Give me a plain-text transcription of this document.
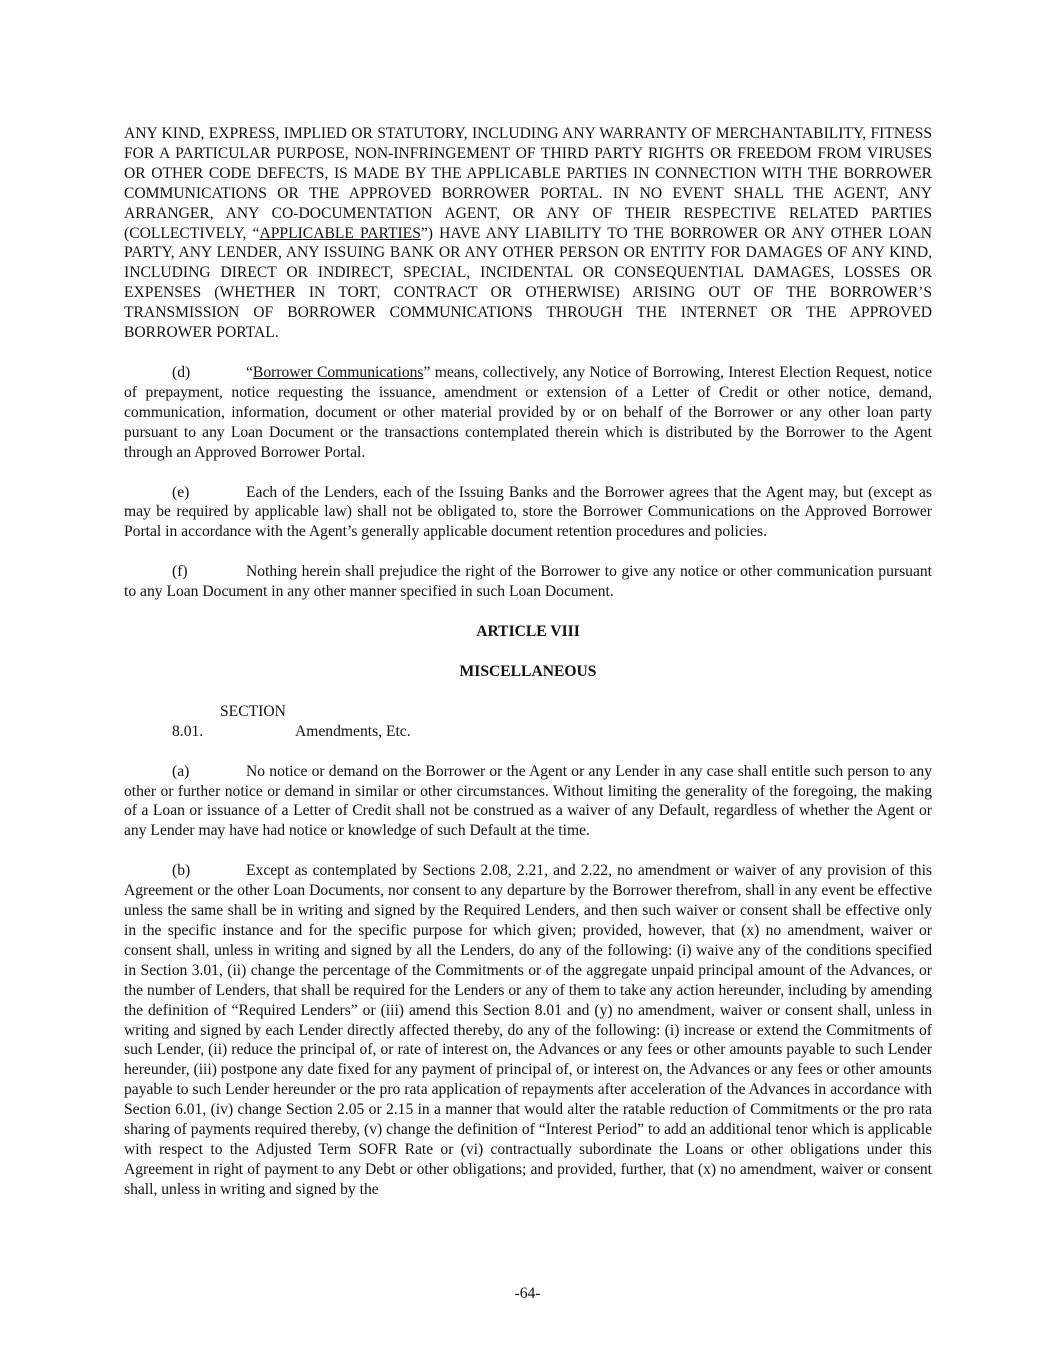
ANY KIND, EXPRESS, IMPLIED OR STATUTORY, INCLUDING ANY WARRANTY OF MERCHANTABILITY, FITNESS FOR A PARTICULAR PURPOSE, NON-INFRINGEMENT OF THIRD PARTY RIGHTS OR FREEDOM FROM VIRUSES OR OTHER CODE DEFECTS, IS MADE BY THE APPLICABLE PARTIES IN CONNECTION WITH THE BORROWER COMMUNICATIONS OR THE APPROVED BORROWER PORTAL. IN NO EVENT SHALL THE AGENT, ANY ARRANGER, ANY CO-DOCUMENTATION AGENT, OR ANY OF THEIR RESPECTIVE RELATED PARTIES (COLLECTIVELY, “APPLICABLE PARTIES”) HAVE ANY LIABILITY TO THE BORROWER OR ANY OTHER LOAN PARTY, ANY LENDER, ANY ISSUING BANK OR ANY OTHER PERSON OR ENTITY FOR DAMAGES OF ANY KIND, INCLUDING DIRECT OR INDIRECT, SPECIAL, INCIDENTAL OR CONSEQUENTIAL DAMAGES, LOSSES OR EXPENSES (WHETHER IN TORT, CONTRACT OR OTHERWISE) ARISING OUT OF THE BORROWER’S TRANSMISSION OF BORROWER COMMUNICATIONS THROUGH THE INTERNET OR THE APPROVED BORROWER PORTAL.

(d)	“Borrower Communications” means, collectively, any Notice of Borrowing, Interest Election Request, notice of prepayment, notice requesting the issuance, amendment or extension of a Letter of Credit or other notice, demand, communication, information, document or other material provided by or on behalf of the Borrower or any other loan party pursuant to any Loan Document or the transactions contemplated therein which is distributed by the Borrower to the Agent through an Approved Borrower Portal.

(e)	Each of the Lenders, each of the Issuing Banks and the Borrower agrees that the Agent may, but (except as may be required by applicable law) shall not be obligated to, store the Borrower Communications on the Approved Borrower Portal in accordance with the Agent’s generally applicable document retention procedures and policies.

(f)	Nothing herein shall prejudice the right of the Borrower to give any notice or other communication pursuant to any Loan Document in any other manner specified in such Loan Document.

ARTICLE VIII
MISCELLANEOUS
SECTION 8.01.	Amendments, Etc.

(a)	No notice or demand on the Borrower or the Agent or any Lender in any case shall entitle such person to any other or further notice or demand in similar or other circumstances. Without limiting the generality of the foregoing, the making of a Loan or issuance of a Letter of Credit shall not be construed as a waiver of any Default, regardless of whether the Agent or any Lender may have had notice or knowledge of such Default at the time.

(b)	Except as contemplated by Sections 2.08, 2.21, and 2.22, no amendment or waiver of any provision of this Agreement or the other Loan Documents, nor consent to any departure by the Borrower therefrom, shall in any event be effective unless the same shall be in writing and signed by the Required Lenders, and then such waiver or consent shall be effective only in the specific instance and for the specific purpose for which given; provided, however, that (x) no amendment, waiver or consent shall, unless in writing and signed by all the Lenders, do any of the following: (i) waive any of the conditions specified in Section 3.01, (ii) change the percentage of the Commitments or of the aggregate unpaid principal amount of the Advances, or the number of Lenders, that shall be required for the Lenders or any of them to take any action hereunder, including by amending the definition of “Required Lenders” or (iii) amend this Section 8.01 and (y) no amendment, waiver or consent shall, unless in writing and signed by each Lender directly affected thereby, do any of the following: (i) increase or extend the Commitments of such Lender, (ii) reduce the principal of, or rate of interest on, the Advances or any fees or other amounts payable to such Lender hereunder, (iii) postpone any date fixed for any payment of principal of, or interest on, the Advances or any fees or other amounts payable to such Lender hereunder or the pro rata application of repayments after acceleration of the Advances in accordance with Section 6.01, (iv) change Section 2.05 or 2.15 in a manner that would alter the ratable reduction of Commitments or the pro rata sharing of payments required thereby, (v) change the definition of “Interest Period” to add an additional tenor which is applicable with respect to the Adjusted Term SOFR Rate or (vi) contractually subordinate the Loans or other obligations under this Agreement in right of payment to any Debt or other obligations; and provided, further, that (x) no amendment, waiver or consent shall, unless in writing and signed by the

-64-
